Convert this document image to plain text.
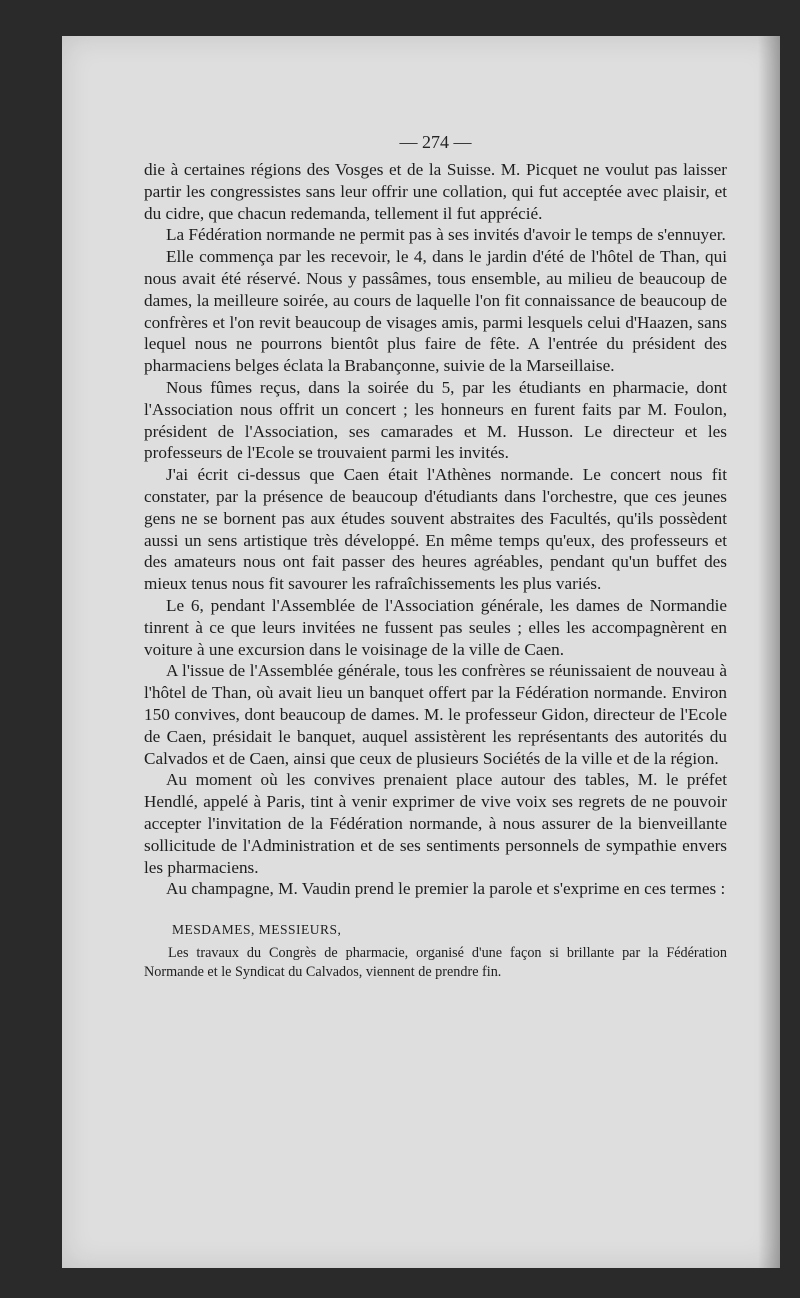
— 274 —

die à certaines régions des Vosges et de la Suisse. M. Picquet ne voulut pas laisser partir les congressistes sans leur offrir une collation, qui fut acceptée avec plaisir, et du cidre, que chacun redemanda, tellement il fut apprécié.

La Fédération normande ne permit pas à ses invités d'avoir le temps de s'ennuyer.

Elle commença par les recevoir, le 4, dans le jardin d'été de l'hôtel de Than, qui nous avait été réservé. Nous y passâmes, tous ensemble, au milieu de beaucoup de dames, la meilleure soirée, au cours de laquelle l'on fit connaissance de beaucoup de confrères et l'on revit beaucoup de visages amis, parmi lesquels celui d'Haazen, sans lequel nous ne pourrons bientôt plus faire de fête. A l'entrée du président des pharmaciens belges éclata la Brabançonne, suivie de la Marseillaise.

Nous fûmes reçus, dans la soirée du 5, par les étudiants en pharmacie, dont l'Association nous offrit un concert ; les honneurs en furent faits par M. Foulon, président de l'Association, ses camarades et M. Husson. Le directeur et les professeurs de l'Ecole se trouvaient parmi les invités.

J'ai écrit ci-dessus que Caen était l'Athènes normande. Le concert nous fit constater, par la présence de beaucoup d'étudiants dans l'orchestre, que ces jeunes gens ne se bornent pas aux études souvent abstraites des Facultés, qu'ils possèdent aussi un sens artistique très développé. En même temps qu'eux, des professeurs et des amateurs nous ont fait passer des heures agréables, pendant qu'un buffet des mieux tenus nous fit savourer les rafraîchissements les plus variés.

Le 6, pendant l'Assemblée de l'Association générale, les dames de Normandie tinrent à ce que leurs invitées ne fussent pas seules ; elles les accompagnèrent en voiture à une excursion dans le voisinage de la ville de Caen.

A l'issue de l'Assemblée générale, tous les confrères se réunissaient de nouveau à l'hôtel de Than, où avait lieu un banquet offert par la Fédération normande. Environ 150 convives, dont beaucoup de dames. M. le professeur Gidon, directeur de l'Ecole de Caen, présidait le banquet, auquel assistèrent les représentants des autorités du Calvados et de Caen, ainsi que ceux de plusieurs Sociétés de la ville et de la région.

Au moment où les convives prenaient place autour des tables, M. le préfet Hendlé, appelé à Paris, tint à venir exprimer de vive voix ses regrets de ne pouvoir accepter l'invitation de la Fédération normande, à nous assurer de la bienveillante sollicitude de l'Administration et de ses sentiments personnels de sympathie envers les pharmaciens.

Au champagne, M. Vaudin prend le premier la parole et s'exprime en ces termes :

MESDAMES, MESSIEURS,

Les travaux du Congrès de pharmacie, organisé d'une façon si brillante par la Fédération Normande et le Syndicat du Calvados, viennent de prendre fin.
